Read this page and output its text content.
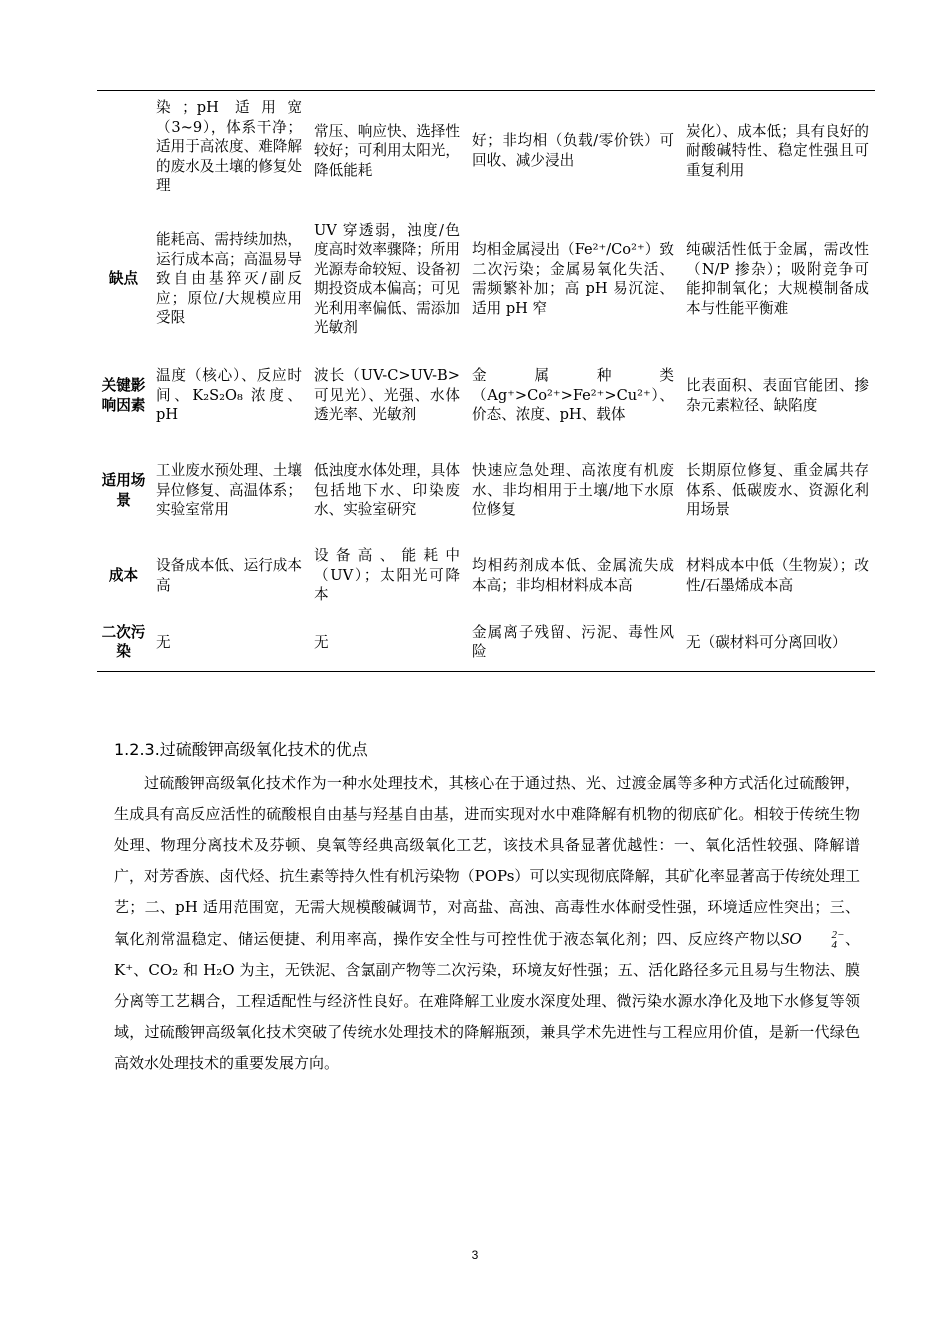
	染；pH 适用宽（3~9），体系干净；适用于高浓度、难降解的废水及土壤的修复处理	常压、响应快、选择性较好；可利用太阳光，降低能耗	好；非均相（负载/零价铁）可回收、减少浸出	炭化）、成本低；具有良好的耐酸碱特性、稳定性强且可重复利用
缺点	能耗高、需持续加热，运行成本高；高温易导致自由基猝灭/副反应；原位/大规模应用受限	UV 穿透弱，浊度/色度高时效率骤降；所用光源寿命较短、设备初期投资成本偏高；可见光利用率偏低、需添加光敏剂	均相金属浸出（Fe²⁺/Co²⁺）致二次污染；金属易氧化失活、需频繁补加；高 pH 易沉淀、适用 pH 窄	纯碳活性低于金属，需改性（N/P 掺杂）；吸附竞争可能抑制氧化；大规模制备成本与性能平衡难
关键影响因素	温度（核心）、反应时间、K₂S₂O₈ 浓度、pH	波长（UV-C>UV-B>可见光）、光强、水体透光率、光敏剂	金属种类（Ag⁺>Co²⁺>Fe²⁺>Cu²⁺）、价态、浓度、pH、载体	比表面积、表面官能团、掺杂元素粒径、缺陷度
适用场景	工业废水预处理、土壤异位修复、高温体系；实验室常用	低浊度水体处理，具体包括地下水、印染废水、实验室研究	快速应急处理、高浓度有机废水、非均相用于土壤/地下水原位修复	长期原位修复、重金属共存体系、低碳废水、资源化利用场景
成本	设备成本低、运行成本高	设备高、能耗中（UV）；太阳光可降本	均相药剂成本低、金属流失成本高；非均相材料成本高	材料成本中低（生物炭）；改性/石墨烯成本高
二次污染	无	无	金属离子残留、污泥、毒性风险	无（碳材料可分离回收）
1.2.3.过硫酸钾高级氧化技术的优点

过硫酸钾高级氧化技术作为一种水处理技术，其核心在于通过热、光、过渡金属等多种方式活化过硫酸钾，生成具有高反应活性的硫酸根自由基与羟基自由基，进而实现对水中难降解有机物的彻底矿化。相较于传统生物处理、物理分离技术及芬顿、臭氧等经典高级氧化工艺，该技术具备显著优越性：一、氧化活性较强、降解谱广，对芳香族、卤代烃、抗生素等持久性有机污染物（POPs）可以实现彻底降解，其矿化率显著高于传统处理工艺；二、pH 适用范围宽，无需大规模酸碱调节，对高盐、高浊、高毒性水体耐受性强，环境适应性突出；三、氧化剂常温稳定、储运便捷、利用率高，操作安全性与可控性优于液态氧化剂；四、反应终产物以SO	2−
4 、K⁺、CO₂ 和 H₂O 为主，无铁泥、含氯副产物等二次污染，环境友好性强；五、活化路径多元且易与生物法、膜分离等工艺耦合，工程适配性与经济性良好。在难降解工业废水深度处理、微污染水源水净化及地下水修复等领域，过硫酸钾高级氧化技术突破了传统水处理技术的降解瓶颈，兼具学术先进性与工程应用价值，是新一代绿色高效水处理技术的重要发展方向。

3
